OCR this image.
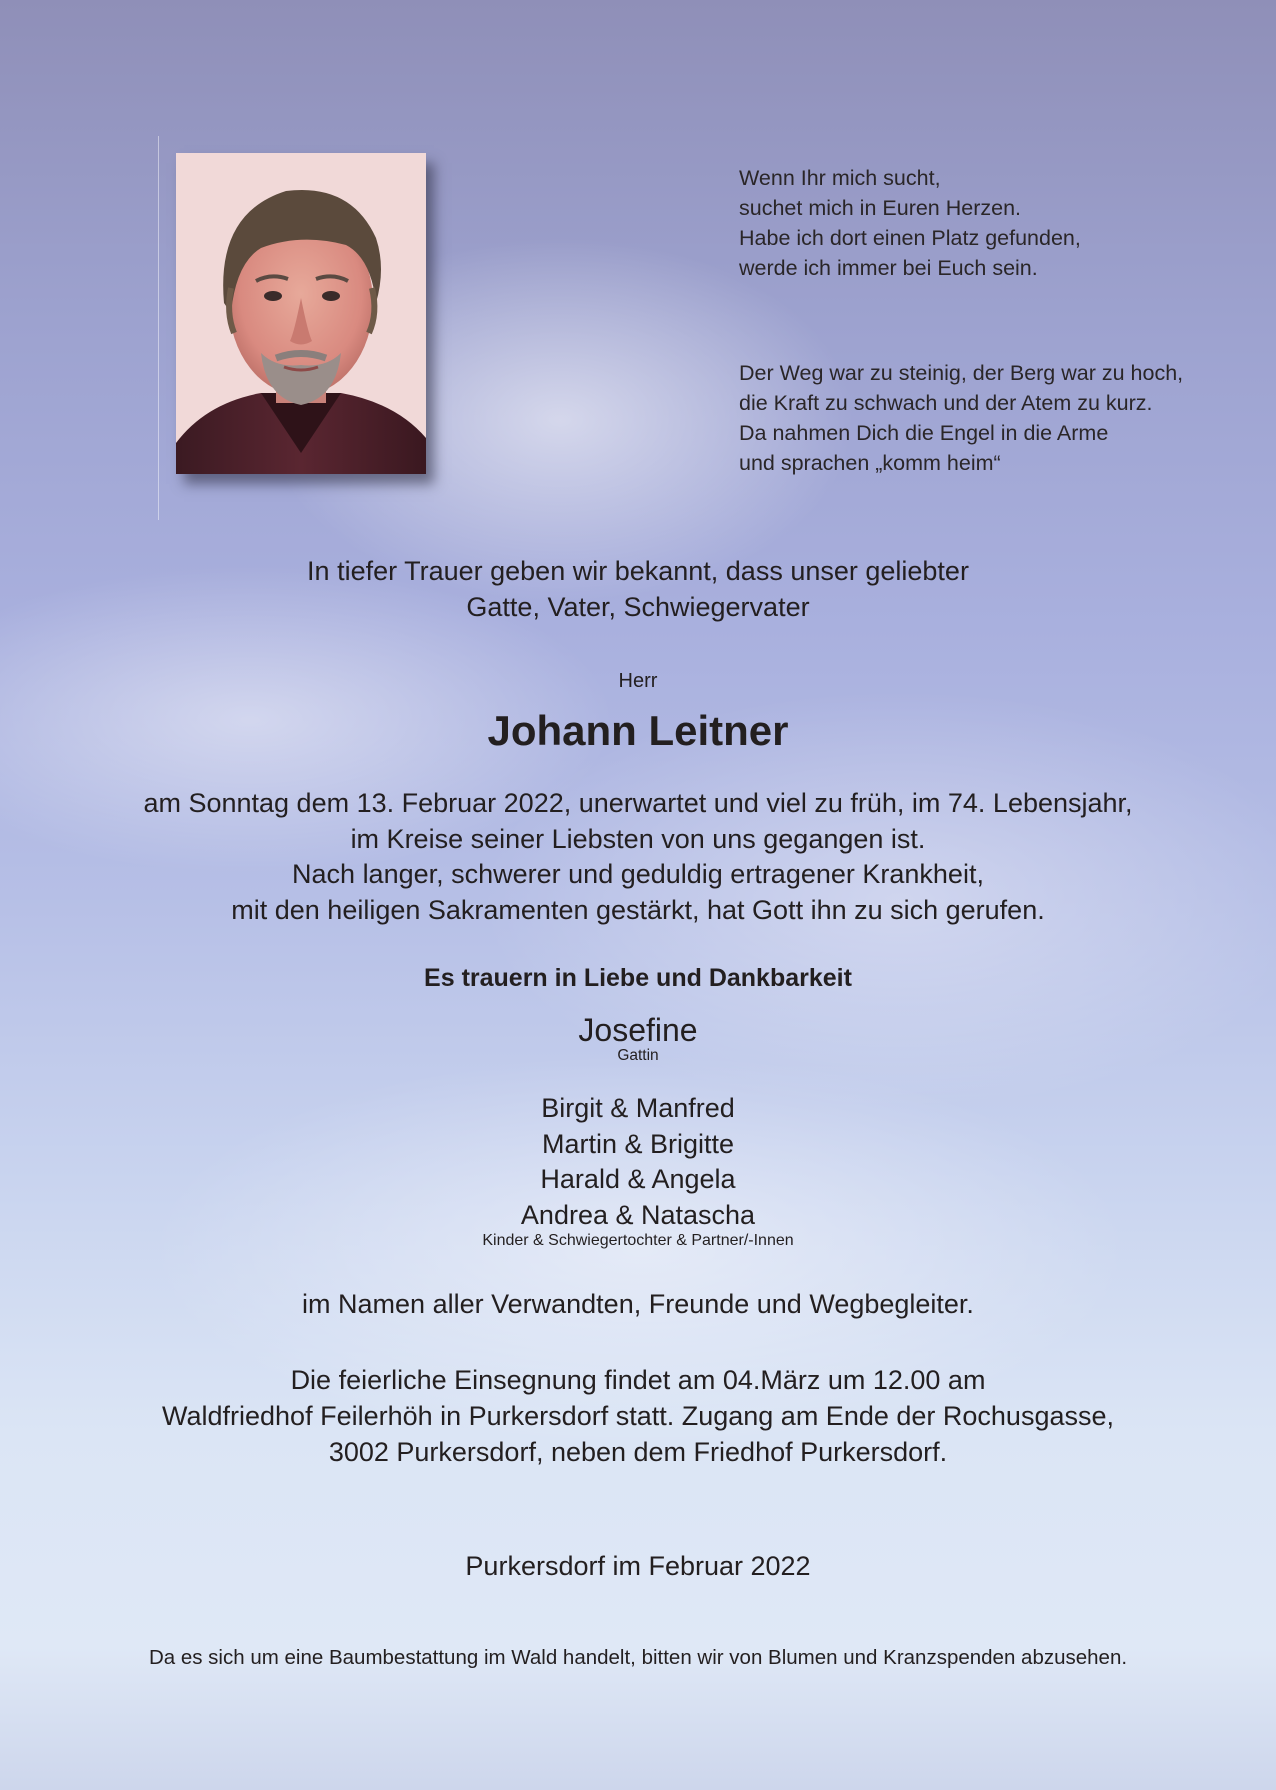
Wenn Ihr mich sucht,
suchet mich in Euren Herzen.
Habe ich dort einen Platz gefunden,
werde ich immer bei Euch sein.
Der Weg war zu steinig, der Berg war zu hoch,
die Kraft zu schwach und der Atem zu kurz.
Da nahmen Dich die Engel in die Arme
und sprachen „komm heim“
In tiefer Trauer geben wir bekannt, dass unser geliebter
Gatte, Vater, Schwiegervater
Herr
Johann Leitner
am Sonntag dem 13. Februar 2022, unerwartet und viel zu früh, im 74. Lebensjahr,
im Kreise seiner Liebsten von uns gegangen ist.
Nach langer, schwerer und geduldig ertragener Krankheit,
mit den heiligen Sakramenten gestärkt, hat Gott ihn zu sich gerufen.
Es trauern in Liebe und Dankbarkeit
Josefine
Gattin
Birgit & Manfred
Martin & Brigitte
Harald & Angela
Andrea & Natascha
Kinder & Schwiegertochter & Partner/-Innen
im Namen aller Verwandten, Freunde und Wegbegleiter.
Die feierliche Einsegnung findet am 04.März um 12.00 am
Waldfriedhof Feilerhöh in Purkersdorf statt. Zugang am Ende der Rochusgasse,
3002 Purkersdorf, neben dem Friedhof Purkersdorf.
Purkersdorf im Februar 2022
Da es sich um eine Baumbestattung im Wald handelt, bitten wir von Blumen und Kranzspenden abzusehen.
